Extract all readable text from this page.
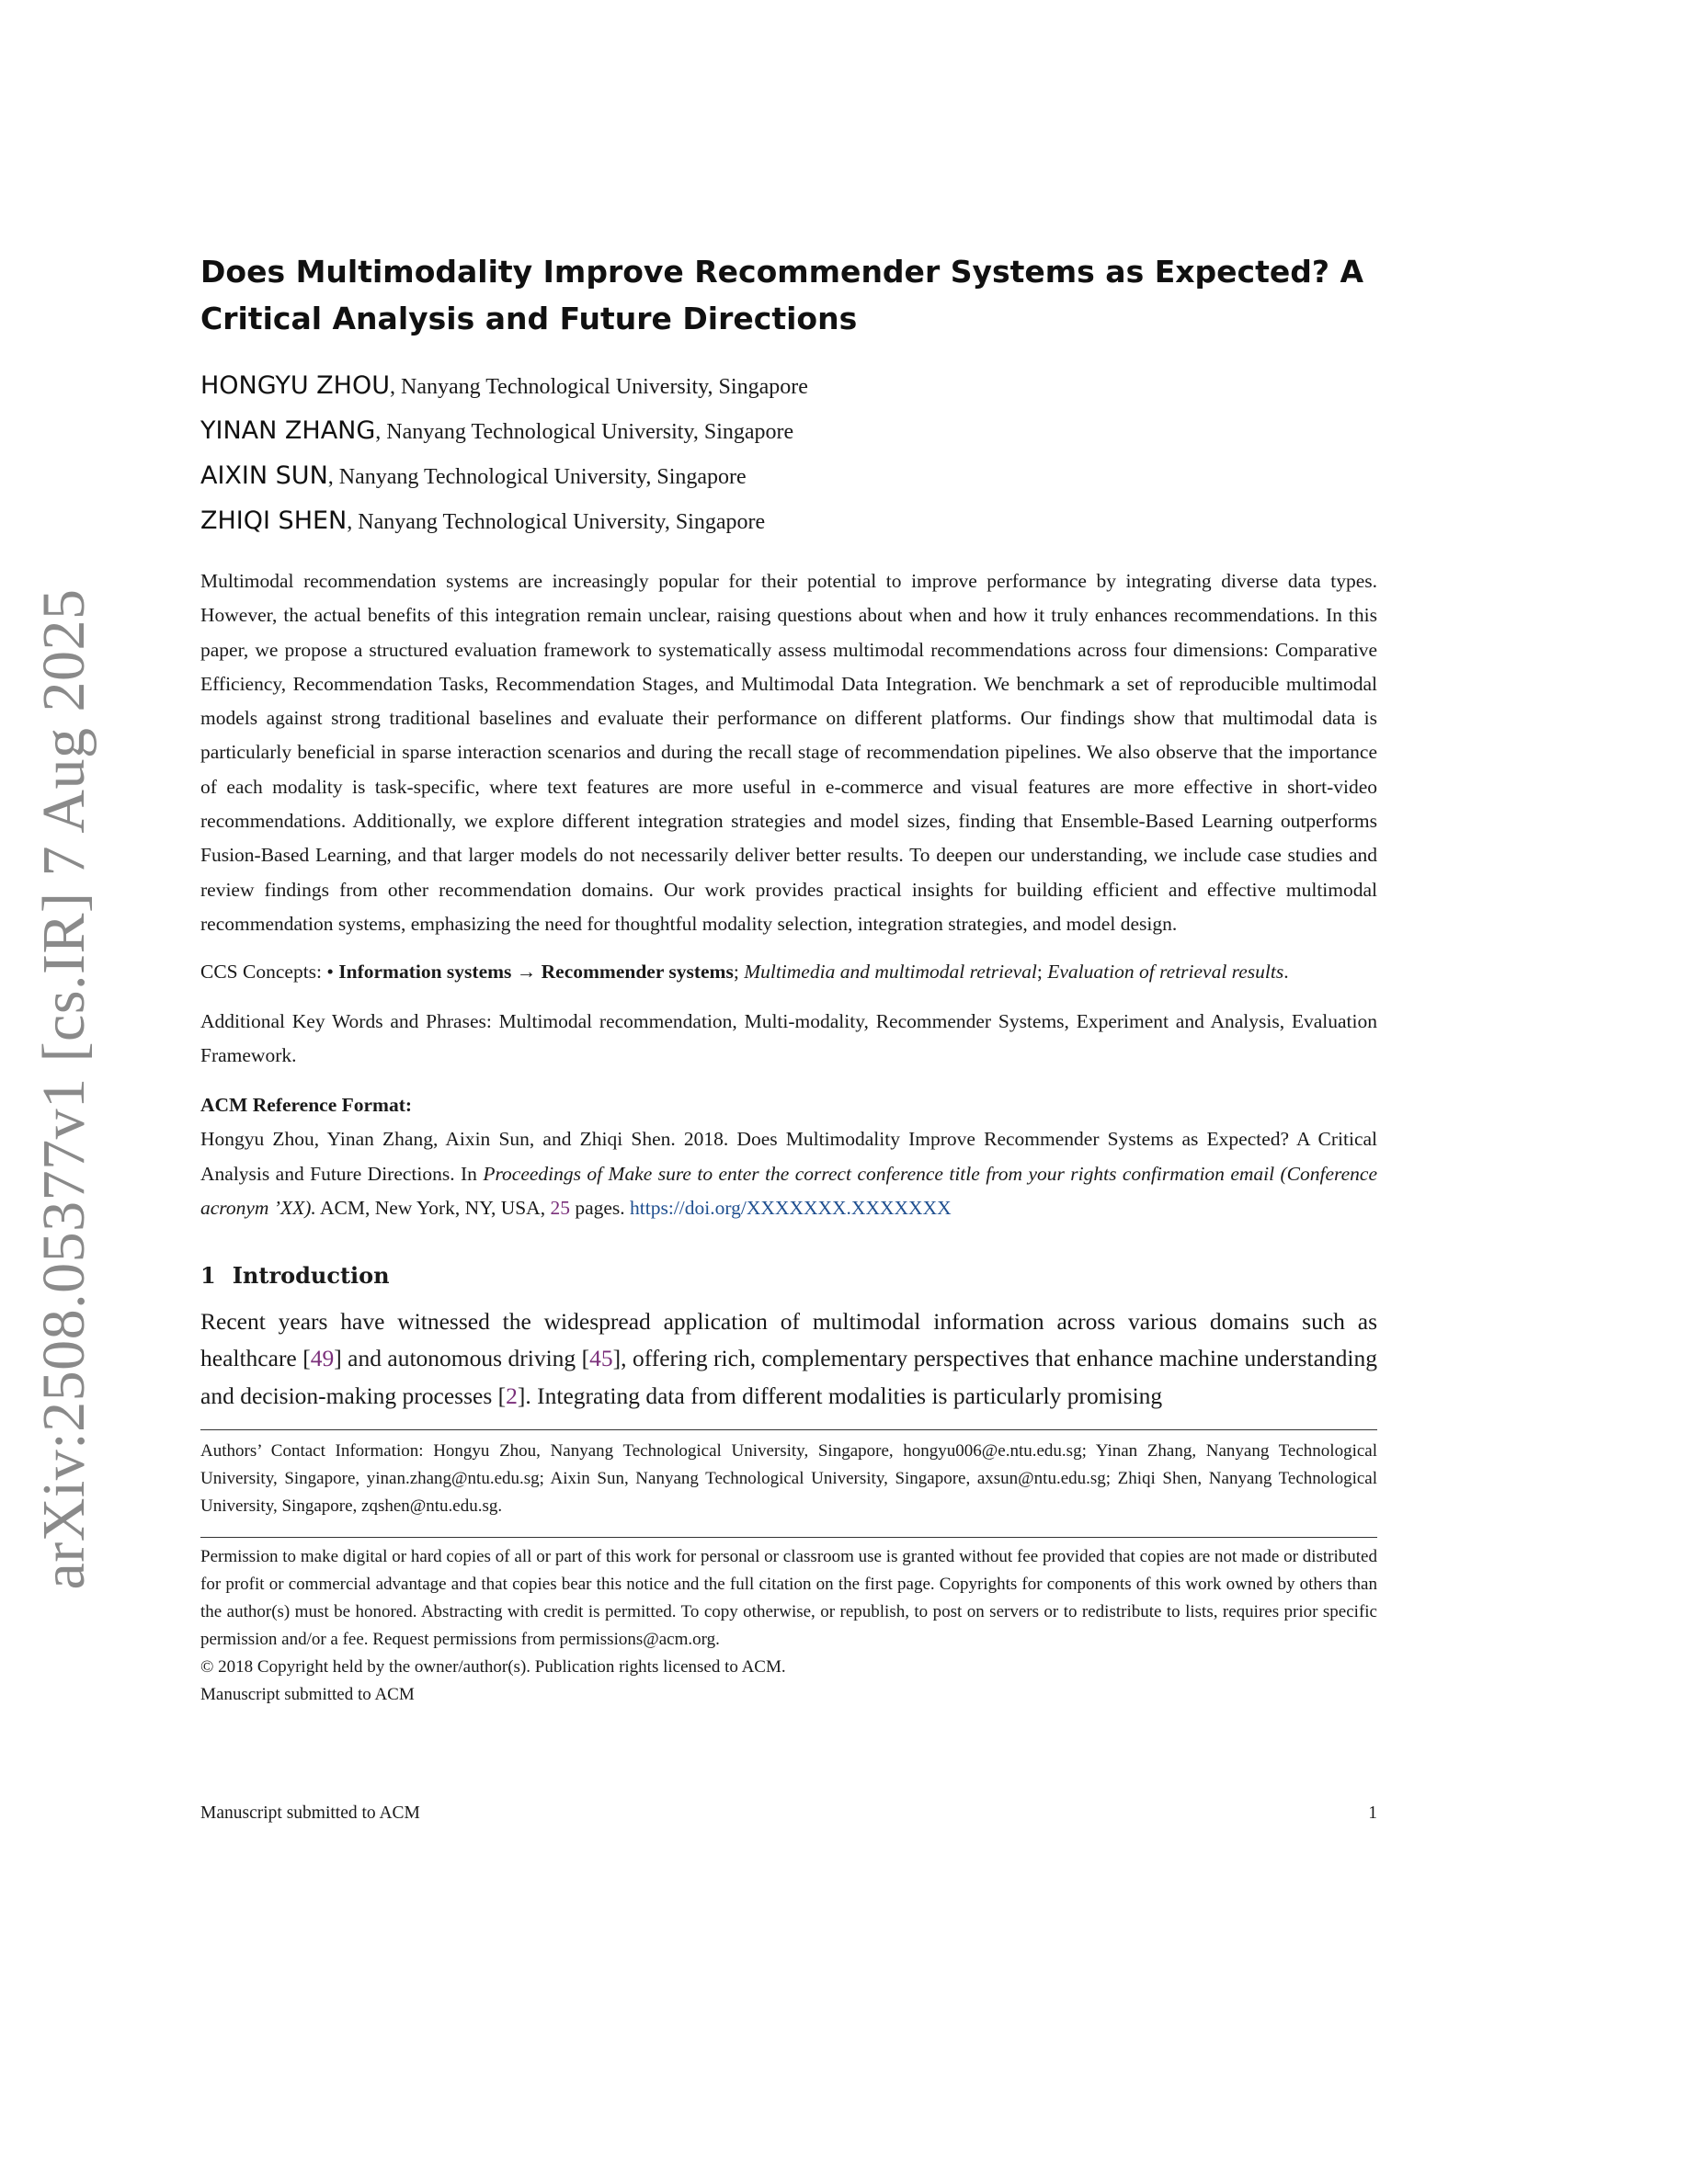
arXiv:2508.05377v1 [cs.IR] 7 Aug 2025
Does Multimodality Improve Recommender Systems as Expected? A Critical Analysis and Future Directions
HONGYU ZHOU, Nanyang Technological University, Singapore
YINAN ZHANG, Nanyang Technological University, Singapore
AIXIN SUN, Nanyang Technological University, Singapore
ZHIQI SHEN, Nanyang Technological University, Singapore
Multimodal recommendation systems are increasingly popular for their potential to improve performance by integrating diverse data types. However, the actual benefits of this integration remain unclear, raising questions about when and how it truly enhances recommendations. In this paper, we propose a structured evaluation framework to systematically assess multimodal recommendations across four dimensions: Comparative Efficiency, Recommendation Tasks, Recommendation Stages, and Multimodal Data Integration. We benchmark a set of reproducible multimodal models against strong traditional baselines and evaluate their performance on different platforms. Our findings show that multimodal data is particularly beneficial in sparse interaction scenarios and during the recall stage of recommendation pipelines. We also observe that the importance of each modality is task-specific, where text features are more useful in e-commerce and visual features are more effective in short-video recommendations. Additionally, we explore different integration strategies and model sizes, finding that Ensemble-Based Learning outperforms Fusion-Based Learning, and that larger models do not necessarily deliver better results. To deepen our understanding, we include case studies and review findings from other recommendation domains. Our work provides practical insights for building efficient and effective multimodal recommendation systems, emphasizing the need for thoughtful modality selection, integration strategies, and model design.
CCS Concepts: • Information systems → Recommender systems; Multimedia and multimodal retrieval; Evaluation of retrieval results.
Additional Key Words and Phrases: Multimodal recommendation, Multi-modality, Recommender Systems, Experiment and Analysis, Evaluation Framework.
ACM Reference Format:
Hongyu Zhou, Yinan Zhang, Aixin Sun, and Zhiqi Shen. 2018. Does Multimodality Improve Recommender Systems as Expected? A Critical Analysis and Future Directions. In Proceedings of Make sure to enter the correct conference title from your rights confirmation email (Conference acronym ’XX). ACM, New York, NY, USA, 25 pages. https://doi.org/XXXXXXX.XXXXXXX
1 Introduction
Recent years have witnessed the widespread application of multimodal information across various domains such as healthcare [49] and autonomous driving [45], offering rich, complementary perspectives that enhance machine understanding and decision-making processes [2]. Integrating data from different modalities is particularly promising
Authors’ Contact Information: Hongyu Zhou, Nanyang Technological University, Singapore, hongyu006@e.ntu.edu.sg; Yinan Zhang, Nanyang Technological University, Singapore, yinan.zhang@ntu.edu.sg; Aixin Sun, Nanyang Technological University, Singapore, axsun@ntu.edu.sg; Zhiqi Shen, Nanyang Technological University, Singapore, zqshen@ntu.edu.sg.
Permission to make digital or hard copies of all or part of this work for personal or classroom use is granted without fee provided that copies are not made or distributed for profit or commercial advantage and that copies bear this notice and the full citation on the first page. Copyrights for components of this work owned by others than the author(s) must be honored. Abstracting with credit is permitted. To copy otherwise, or republish, to post on servers or to redistribute to lists, requires prior specific permission and/or a fee. Request permissions from permissions@acm.org.
© 2018 Copyright held by the owner/author(s). Publication rights licensed to ACM.
Manuscript submitted to ACM
Manuscript submitted to ACM	1
